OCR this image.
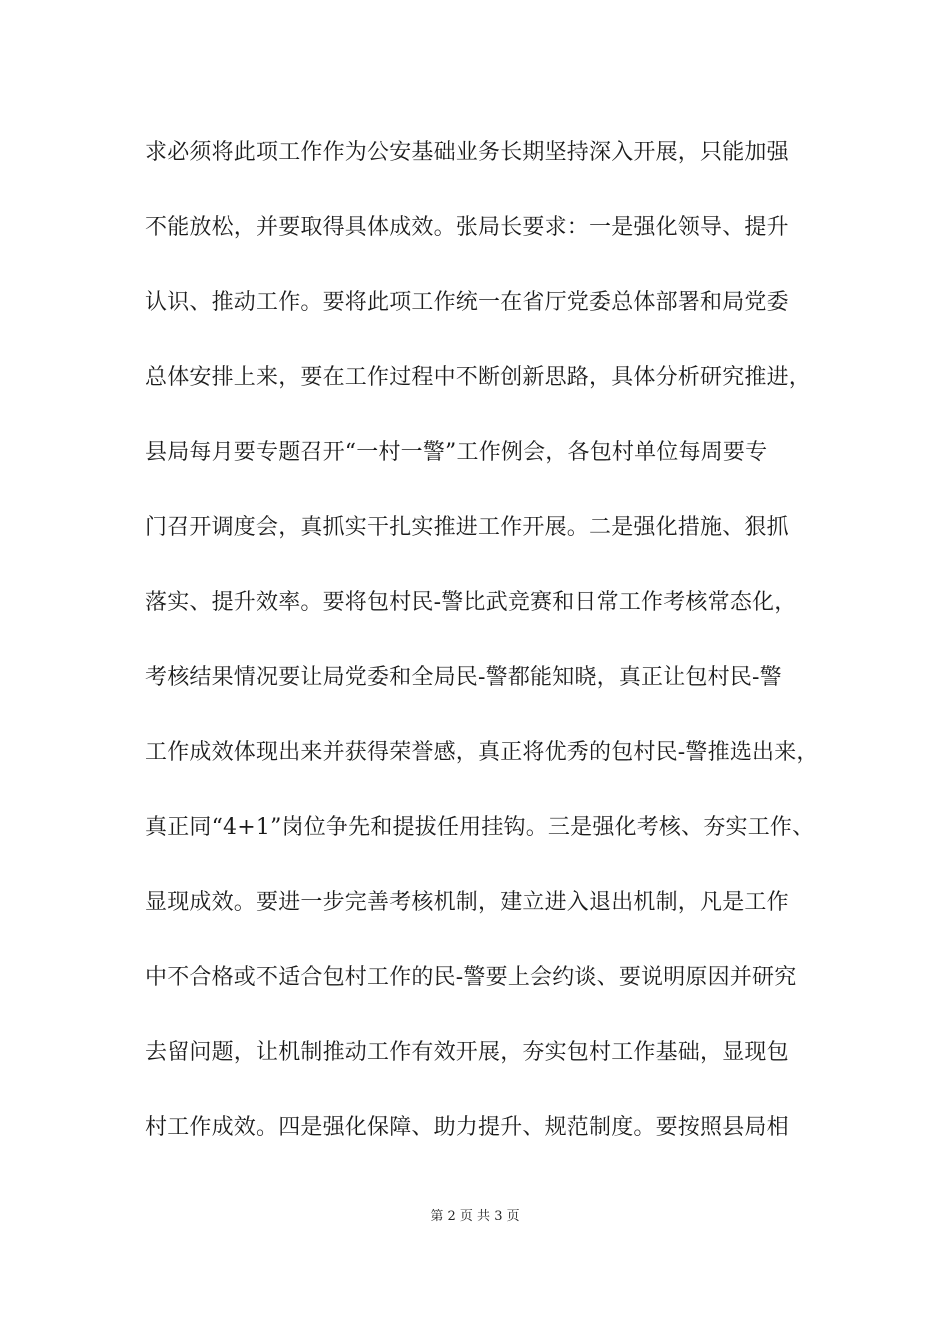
求必须将此项工作作为公安基础业务长期坚持深入开展，只能加强
不能放松，并要取得具体成效。张局长要求：一是强化领导、提升
认识、推动工作。要将此项工作统一在省厅党委总体部署和局党委
总体安排上来，要在工作过程中不断创新思路，具体分析研究推进，
县局每月要专题召开“一村一警”工作例会，各包村单位每周要专
门召开调度会，真抓实干扎实推进工作开展。二是强化措施、狠抓
落实、提升效率。要将包村民-警比武竞赛和日常工作考核常态化，
考核结果情况要让局党委和全局民-警都能知晓，真正让包村民-警
工作成效体现出来并获得荣誉感，真正将优秀的包村民-警推选出来，
真正同“4+1”岗位争先和提拔任用挂钩。三是强化考核、夯实工作、
显现成效。要进一步完善考核机制，建立进入退出机制，凡是工作
中不合格或不适合包村工作的民-警要上会约谈、要说明原因并研究
去留问题，让机制推动工作有效开展，夯实包村工作基础，显现包
村工作成效。四是强化保障、助力提升、规范制度。要按照县局相
第 2 页 共 3 页
